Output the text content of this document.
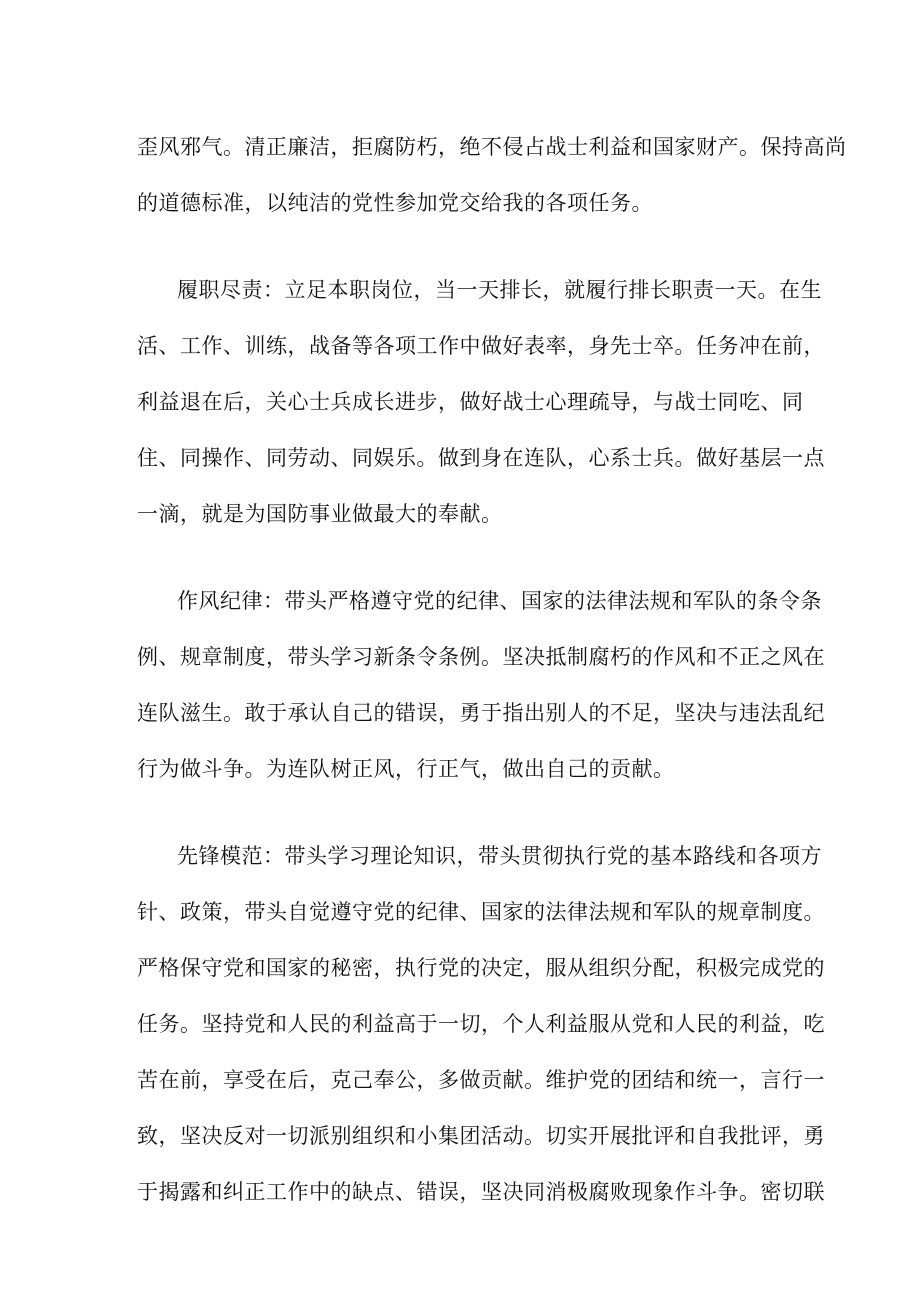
歪风邪气。清正廉洁，拒腐防朽，绝不侵占战士利益和国家财产。保持高尚
的道德标准，以纯洁的党性参加党交给我的各项任务。
履职尽责：立足本职岗位，当一天排长，就履行排长职责一天。在生
活、工作、训练，战备等各项工作中做好表率，身先士卒。任务冲在前，
利益退在后，关心士兵成长进步，做好战士心理疏导，与战士同吃、同
住、同操作、同劳动、同娱乐。做到身在连队，心系士兵。做好基层一点
一滴，就是为国防事业做最大的奉献。
作风纪律：带头严格遵守党的纪律、国家的法律法规和军队的条令条
例、规章制度，带头学习新条令条例。坚决抵制腐朽的作风和不正之风在
连队滋生。敢于承认自己的错误，勇于指出别人的不足，坚决与违法乱纪
行为做斗争。为连队树正风，行正气，做出自己的贡献。
先锋模范：带头学习理论知识，带头贯彻执行党的基本路线和各项方
针、政策，带头自觉遵守党的纪律、国家的法律法规和军队的规章制度。
严格保守党和国家的秘密，执行党的决定，服从组织分配，积极完成党的
任务。坚持党和人民的利益高于一切，个人利益服从党和人民的利益，吃
苦在前，享受在后，克己奉公，多做贡献。维护党的团结和统一，言行一
致，坚决反对一切派别组织和小集团活动。切实开展批评和自我批评，勇
于揭露和纠正工作中的缺点、错误，坚决同消极腐败现象作斗争。密切联
